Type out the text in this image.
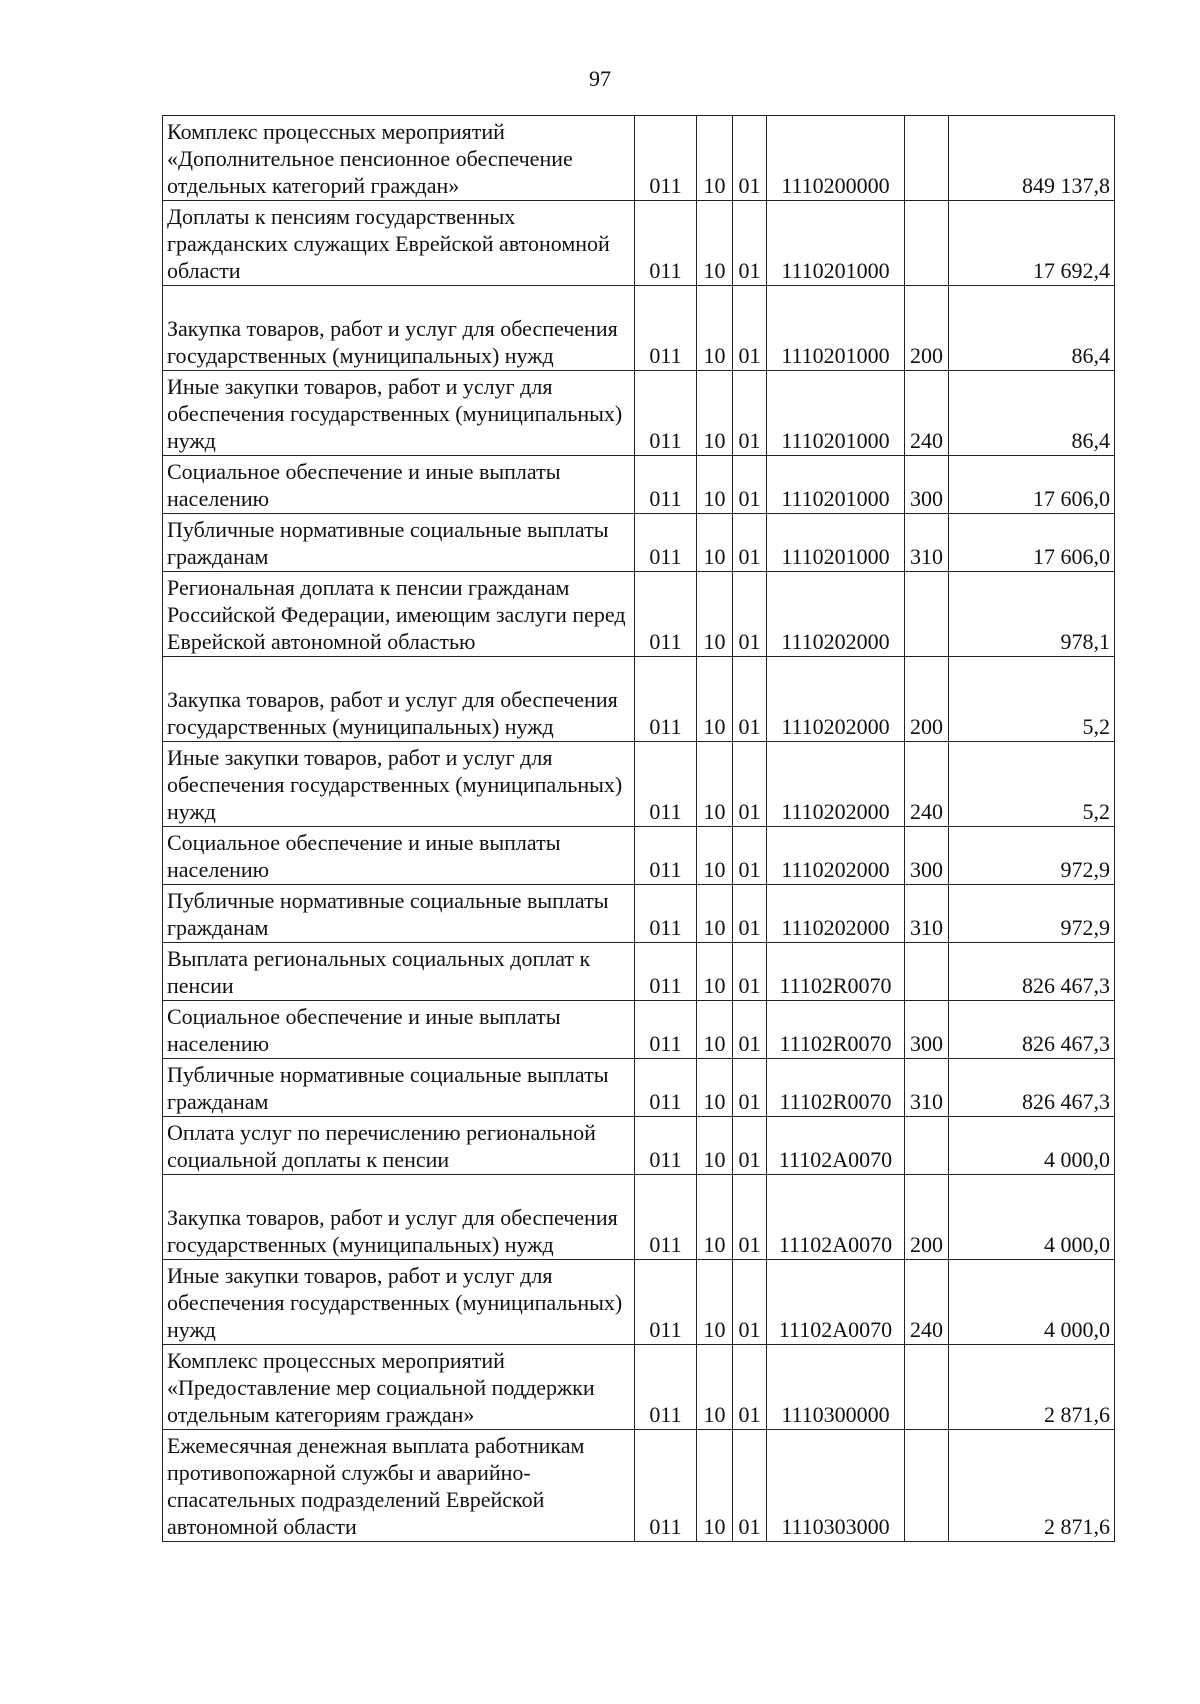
97
Комплекс процессных мероприятий «Дополнительное пенсионное обеспечение отдельных категорий граждан»	011	10	01	1110200000		849 137,8
Доплаты к пенсиям государственных гражданских служащих Еврейской автономной области	011	10	01	1110201000		17 692,4
Закупка товаров, работ и услуг для обеспечения государственных (муниципальных) нужд	011	10	01	1110201000	200	86,4
Иные закупки товаров, работ и услуг для обеспечения государственных (муниципальных) нужд	011	10	01	1110201000	240	86,4
Социальное обеспечение и иные выплаты населению	011	10	01	1110201000	300	17 606,0
Публичные нормативные социальные выплаты гражданам	011	10	01	1110201000	310	17 606,0
Региональная доплата к пенсии гражданам Российской Федерации, имеющим заслуги перед Еврейской автономной областью	011	10	01	1110202000		978,1
Закупка товаров, работ и услуг для обеспечения государственных (муниципальных) нужд	011	10	01	1110202000	200	5,2
Иные закупки товаров, работ и услуг для обеспечения государственных (муниципальных) нужд	011	10	01	1110202000	240	5,2
Социальное обеспечение и иные выплаты населению	011	10	01	1110202000	300	972,9
Публичные нормативные социальные выплаты гражданам	011	10	01	1110202000	310	972,9
Выплата региональных социальных доплат к пенсии	011	10	01	11102R0070		826 467,3
Социальное обеспечение и иные выплаты населению	011	10	01	11102R0070	300	826 467,3
Публичные нормативные социальные выплаты гражданам	011	10	01	11102R0070	310	826 467,3
Оплата услуг по перечислению региональной социальной доплаты к пенсии	011	10	01	11102A0070		4 000,0
Закупка товаров, работ и услуг для обеспечения государственных (муниципальных) нужд	011	10	01	11102A0070	200	4 000,0
Иные закупки товаров, работ и услуг для обеспечения государственных (муниципальных) нужд	011	10	01	11102A0070	240	4 000,0
Комплекс процессных мероприятий «Предоставление мер социальной поддержки отдельным категориям граждан»	011	10	01	1110300000		2 871,6
Ежемесячная денежная выплата работникам противопожарной службы и аварийно-спасательных подразделений Еврейской автономной области	011	10	01	1110303000		2 871,6
